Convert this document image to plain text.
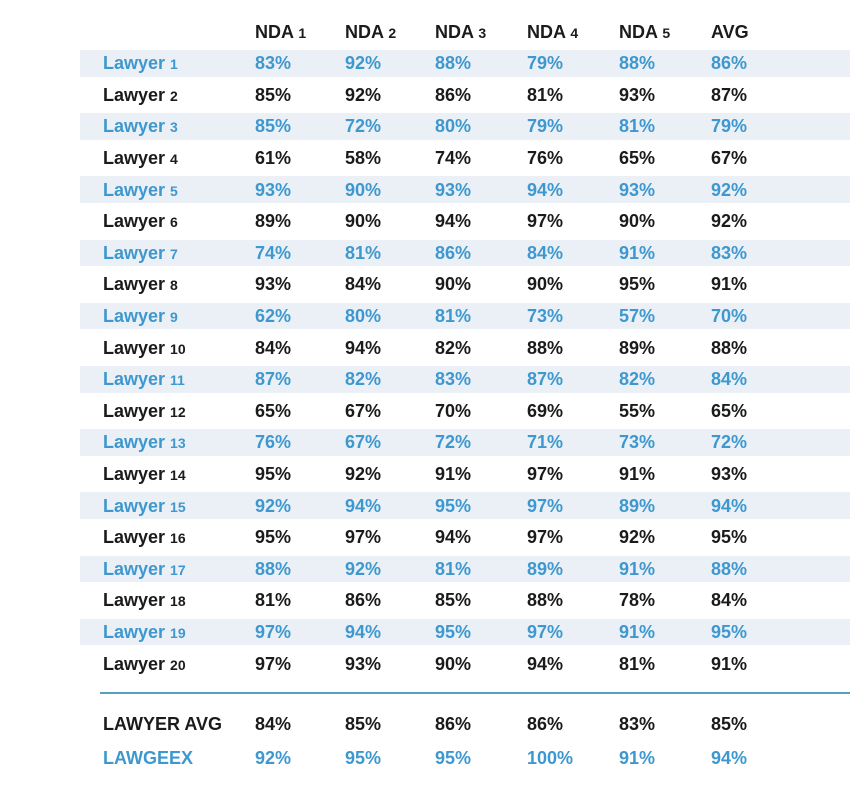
	NDA 1	NDA 2	NDA 3	NDA 4	NDA 5	AVG
Lawyer 1	83%	92%	88%	79%	88%	86%
Lawyer 2	85%	92%	86%	81%	93%	87%
Lawyer 3	85%	72%	80%	79%	81%	79%
Lawyer 4	61%	58%	74%	76%	65%	67%
Lawyer 5	93%	90%	93%	94%	93%	92%
Lawyer 6	89%	90%	94%	97%	90%	92%
Lawyer 7	74%	81%	86%	84%	91%	83%
Lawyer 8	93%	84%	90%	90%	95%	91%
Lawyer 9	62%	80%	81%	73%	57%	70%
Lawyer 10	84%	94%	82%	88%	89%	88%
Lawyer 11	87%	82%	83%	87%	82%	84%
Lawyer 12	65%	67%	70%	69%	55%	65%
Lawyer 13	76%	67%	72%	71%	73%	72%
Lawyer 14	95%	92%	91%	97%	91%	93%
Lawyer 15	92%	94%	95%	97%	89%	94%
Lawyer 16	95%	97%	94%	97%	92%	95%
Lawyer 17	88%	92%	81%	89%	91%	88%
Lawyer 18	81%	86%	85%	88%	78%	84%
Lawyer 19	97%	94%	95%	97%	91%	95%
Lawyer 20	97%	93%	90%	94%	81%	91%
LAWYER AVG	84%	85%	86%	86%	83%	85%
LAWGEEX	92%	95%	95%	100%	91%	94%
